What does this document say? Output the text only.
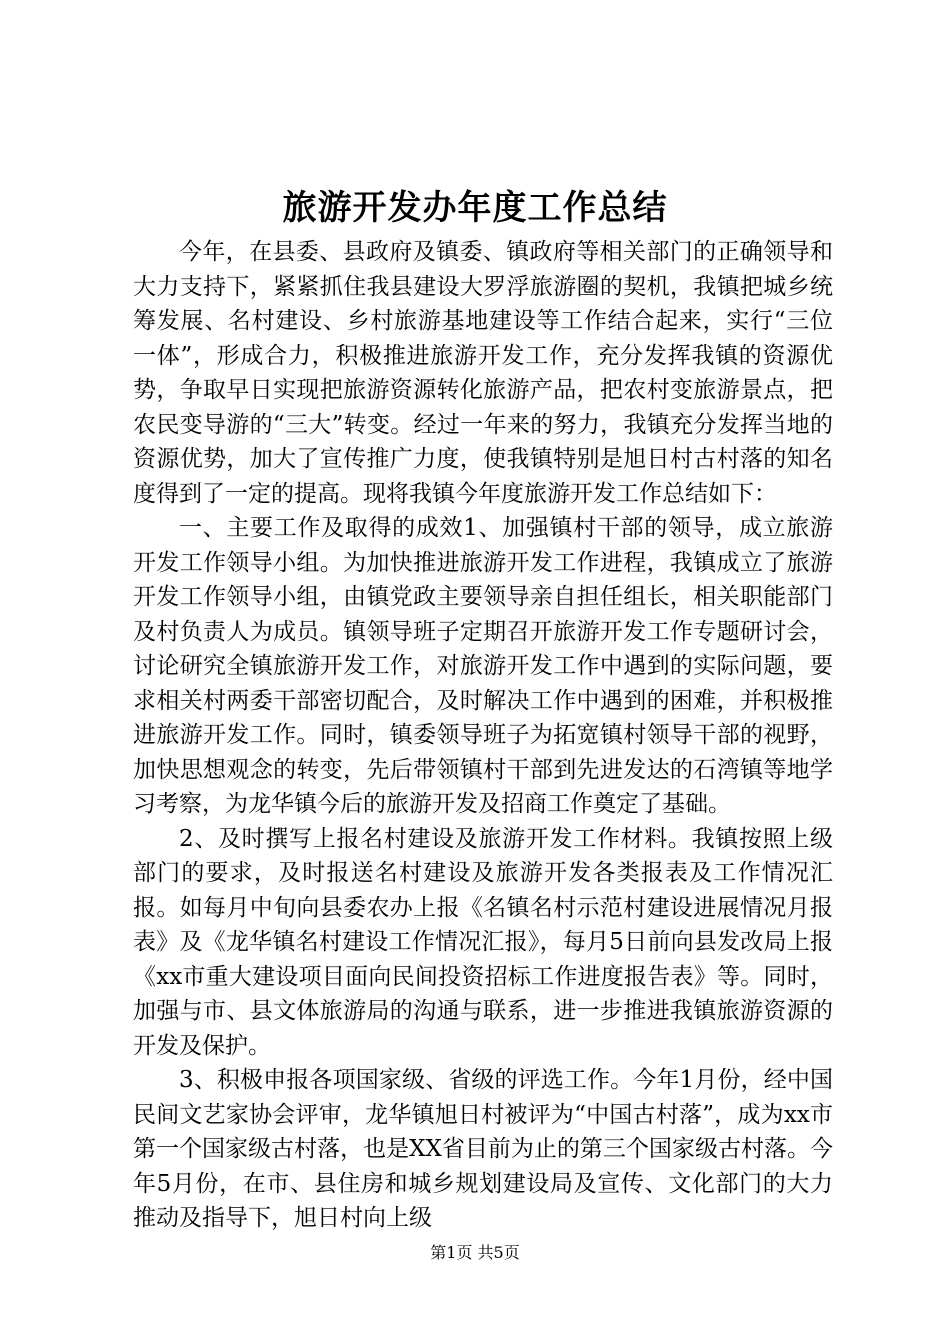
旅游开发办年度工作总结

今年，在县委、县政府及镇委、镇政府等相关部门的正确领导和大力支持下，紧紧抓住我县建设大罗浮旅游圈的契机，我镇把城乡统筹发展、名村建设、乡村旅游基地建设等工作结合起来，实行“三位一体”，形成合力，积极推进旅游开发工作，充分发挥我镇的资源优势，争取早日实现把旅游资源转化旅游产品，把农村变旅游景点，把农民变导游的“三大”转变。经过一年来的努力，我镇充分发挥当地的资源优势，加大了宣传推广力度，使我镇特别是旭日村古村落的知名度得到了一定的提高。现将我镇今年度旅游开发工作总结如下：

一、主要工作及取得的成效1、加强镇村干部的领导，成立旅游开发工作领导小组。为加快推进旅游开发工作进程，我镇成立了旅游开发工作领导小组，由镇党政主要领导亲自担任组长，相关职能部门及村负责人为成员。镇领导班子定期召开旅游开发工作专题研讨会，讨论研究全镇旅游开发工作，对旅游开发工作中遇到的实际问题，要求相关村两委干部密切配合，及时解决工作中遇到的困难，并积极推进旅游开发工作。同时，镇委领导班子为拓宽镇村领导干部的视野，加快思想观念的转变，先后带领镇村干部到先进发达的石湾镇等地学习考察，为龙华镇今后的旅游开发及招商工作奠定了基础。

2、及时撰写上报名村建设及旅游开发工作材料。我镇按照上级部门的要求，及时报送名村建设及旅游开发各类报表及工作情况汇报。如每月中旬向县委农办上报《名镇名村示范村建设进展情况月报表》及《龙华镇名村建设工作情况汇报》，每月5日前向县发改局上报《xx市重大建设项目面向民间投资招标工作进度报告表》等。同时，加强与市、县文体旅游局的沟通与联系，进一步推进我镇旅游资源的开发及保护。

3、积极申报各项国家级、省级的评选工作。今年1月份，经中国民间文艺家协会评审，龙华镇旭日村被评为“中国古村落”，成为xx市第一个国家级古村落，也是XX省目前为止的第三个国家级古村落。今年5月份，在市、县住房和城乡规划建设局及宣传、文化部门的大力推动及指导下，旭日村向上级

第1页 共5页
